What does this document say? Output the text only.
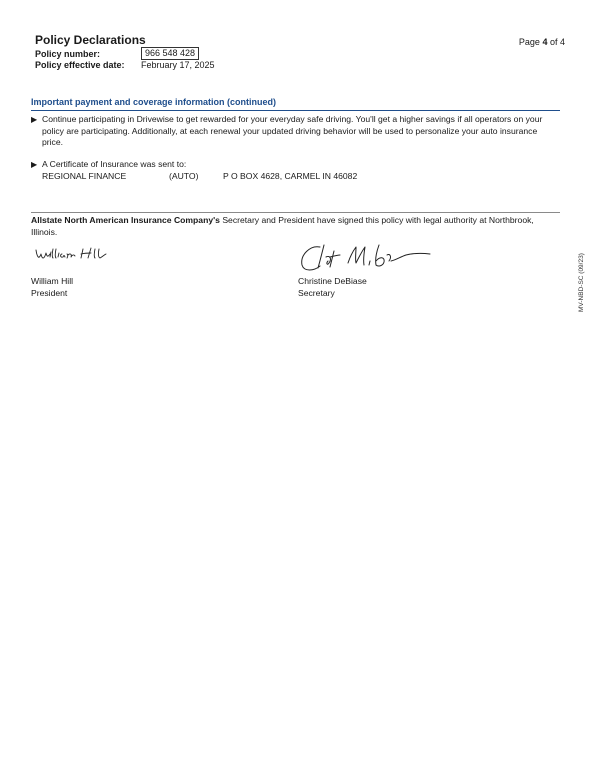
Policy Declarations	Page 4 of 4
Policy number:	966 548 428
Policy effective date:	February 17, 2025
Important payment and coverage information (continued)
▶ Continue participating in Drivewise to get rewarded for your everyday safe driving. You'll get a higher savings if all operators on your policy are participating. Additionally, at each renewal your updated driving behavior will be used to personalize your auto insurance price.
▶ A Certificate of Insurance was sent to:
REGIONAL FINANCE	(AUTO)	P O BOX 4628, CARMEL IN 46082
Allstate North American Insurance Company's Secretary and President have signed this policy with legal authority at Northbrook, Illinois.
William Hill
President
Christine DeBiase
Secretary	MV-NBD-SC (09/23)
